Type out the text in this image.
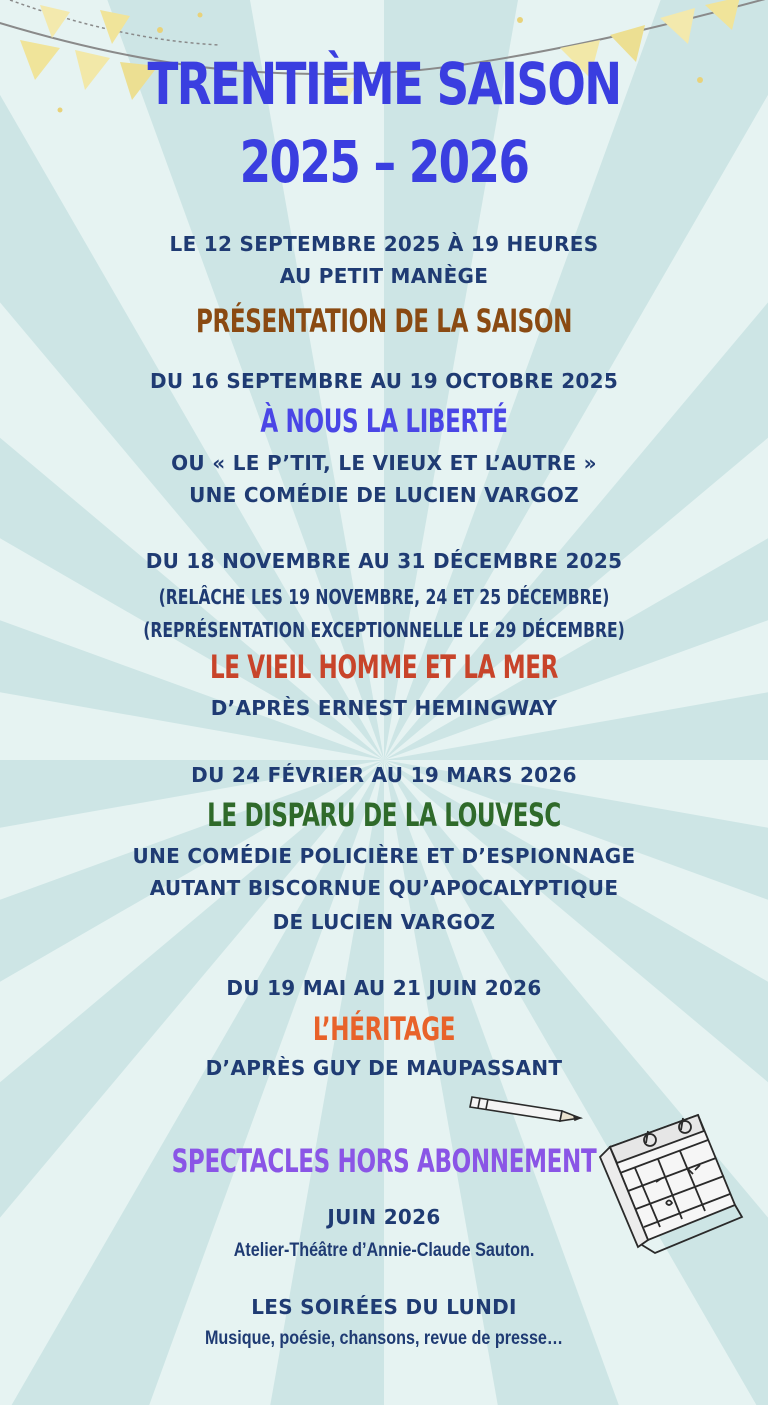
TRENTIÈME SAISON
2025 – 2026
LE 12 SEPTEMBRE 2025 À 19 HEURES
AU PETIT MANÈGE
PRÉSENTATION DE LA SAISON
DU 16 SEPTEMBRE AU 19 OCTOBRE 2025
À NOUS LA LIBERTÉ
OU « LE P’TIT, LE VIEUX ET L’AUTRE »
UNE COMÉDIE DE LUCIEN VARGOZ
DU 18 NOVEMBRE AU 31 DÉCEMBRE 2025
(RELÂCHE LES 19 NOVEMBRE, 24 ET 25 DÉCEMBRE)
(REPRÉSENTATION EXCEPTIONNELLE LE 29 DÉCEMBRE)
LE VIEIL HOMME ET LA MER
D’APRÈS ERNEST HEMINGWAY
DU 24 FÉVRIER AU 19 MARS 2026
LE DISPARU DE LA LOUVESC
UNE COMÉDIE POLICIÈRE ET D’ESPIONNAGE
AUTANT BISCORNUE QU’APOCALYPTIQUE
DE LUCIEN VARGOZ
DU 19 MAI AU 21 JUIN 2026
L’HÉRITAGE
D’APRÈS GUY DE MAUPASSANT
SPECTACLES HORS ABONNEMENT
JUIN 2026
Atelier-Théâtre d’Annie-Claude Sauton.
LES SOIRÉES DU LUNDI
Musique, poésie, chansons, revue de presse…
